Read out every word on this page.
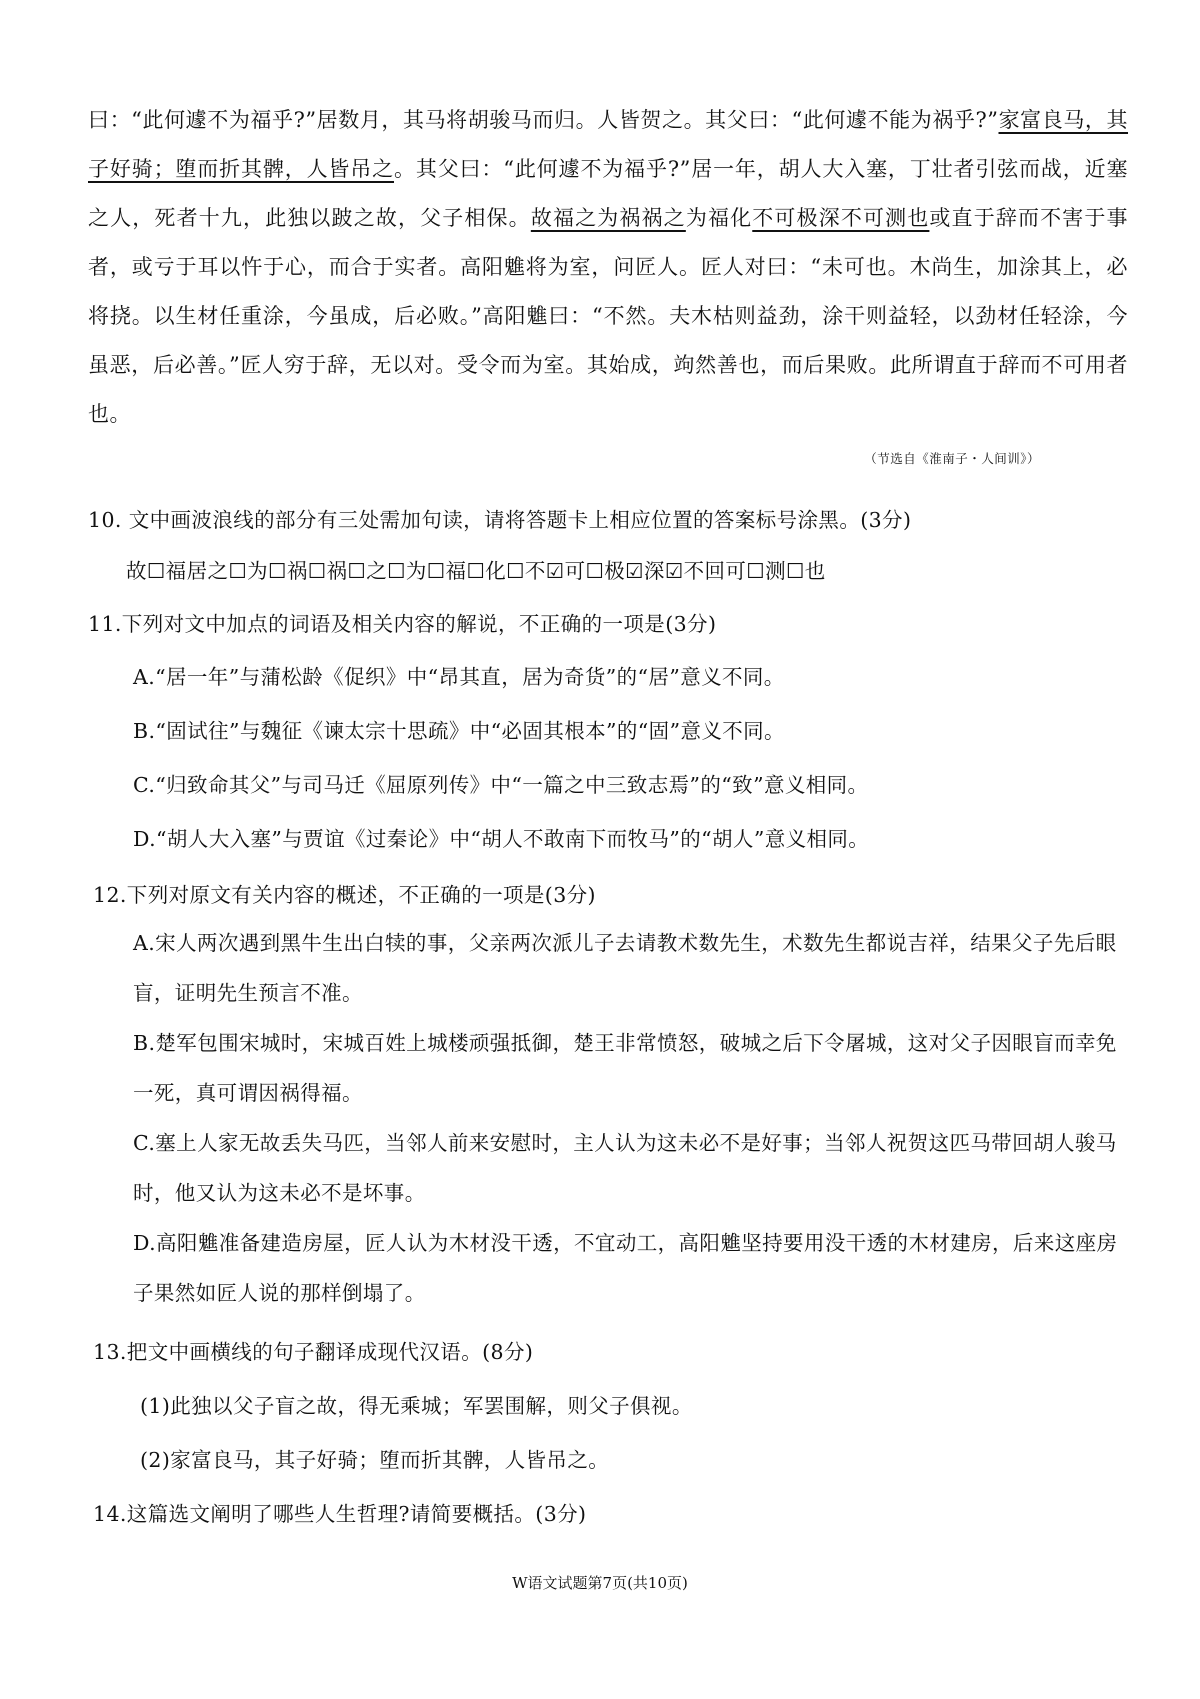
曰：“此何遽不为福乎?”居数月，其马将胡骏马而归。人皆贺之。其父曰：“此何遽不能为祸乎?”家富良马，其子好骑；堕而折其髀，人皆吊之。其父曰：“此何遽不为福乎?”居一年，胡人大入塞，丁壮者引弦而战，近塞之人，死者十九，此独以跛之故，父子相保。故福之为祸祸之为福化不可极深不可测也或直于辞而不害于事者，或亏于耳以忤于心，而合于实者。高阳魋将为室，问匠人。匠人对曰：“未可也。木尚生，加涂其上，必将挠。以生材任重涂，今虽成，后必败。”高阳魋曰：“不然。夫木枯则益劲，涂干则益轻，以劲材任轻涂，今虽恶，后必善。”匠人穷于辞，无以对。受令而为室。其始成，竘然善也，而后果败。此所谓直于辞而不可用者也。
（节选自《淮南子・人间训》）
10. 文中画波浪线的部分有三处需加句读，请将答题卡上相应位置的答案标号涂黑。(3分)
故☐福居之☐为☐祸☐祸☐之☐为☐福☐化☐不☑可☐极☑深☑不回可☐测☐也
11.下列对文中加点的词语及相关内容的解说，不正确的一项是(3分)
A.“居一年”与蒲松龄《促织》中“昂其直，居为奇货”的“居”意义不同。
B.“固试往”与魏征《谏太宗十思疏》中“必固其根本”的“固”意义不同。
C.“归致命其父”与司马迁《屈原列传》中“一篇之中三致志焉”的“致”意义相同。
D.“胡人大入塞”与贾谊《过秦论》中“胡人不敢南下而牧马”的“胡人”意义相同。
12.下列对原文有关内容的概述，不正确的一项是(3分)
A.宋人两次遇到黑牛生出白犊的事，父亲两次派儿子去请教术数先生，术数先生都说吉祥，结果父子先后眼盲，证明先生预言不准。
B.楚军包围宋城时，宋城百姓上城楼顽强抵御，楚王非常愤怒，破城之后下令屠城，这对父子因眼盲而幸免一死，真可谓因祸得福。
C.塞上人家无故丢失马匹，当邻人前来安慰时，主人认为这未必不是好事；当邻人祝贺这匹马带回胡人骏马时，他又认为这未必不是坏事。
D.高阳魋准备建造房屋，匠人认为木材没干透，不宜动工，高阳魋坚持要用没干透的木材建房，后来这座房子果然如匠人说的那样倒塌了。
13.把文中画横线的句子翻译成现代汉语。(8分)
(1)此独以父子盲之故，得无乘城；军罢围解，则父子俱视。
(2)家富良马，其子好骑；堕而折其髀，人皆吊之。
14.这篇选文阐明了哪些人生哲理?请简要概括。(3分)
W语文试题第7页(共10页)
